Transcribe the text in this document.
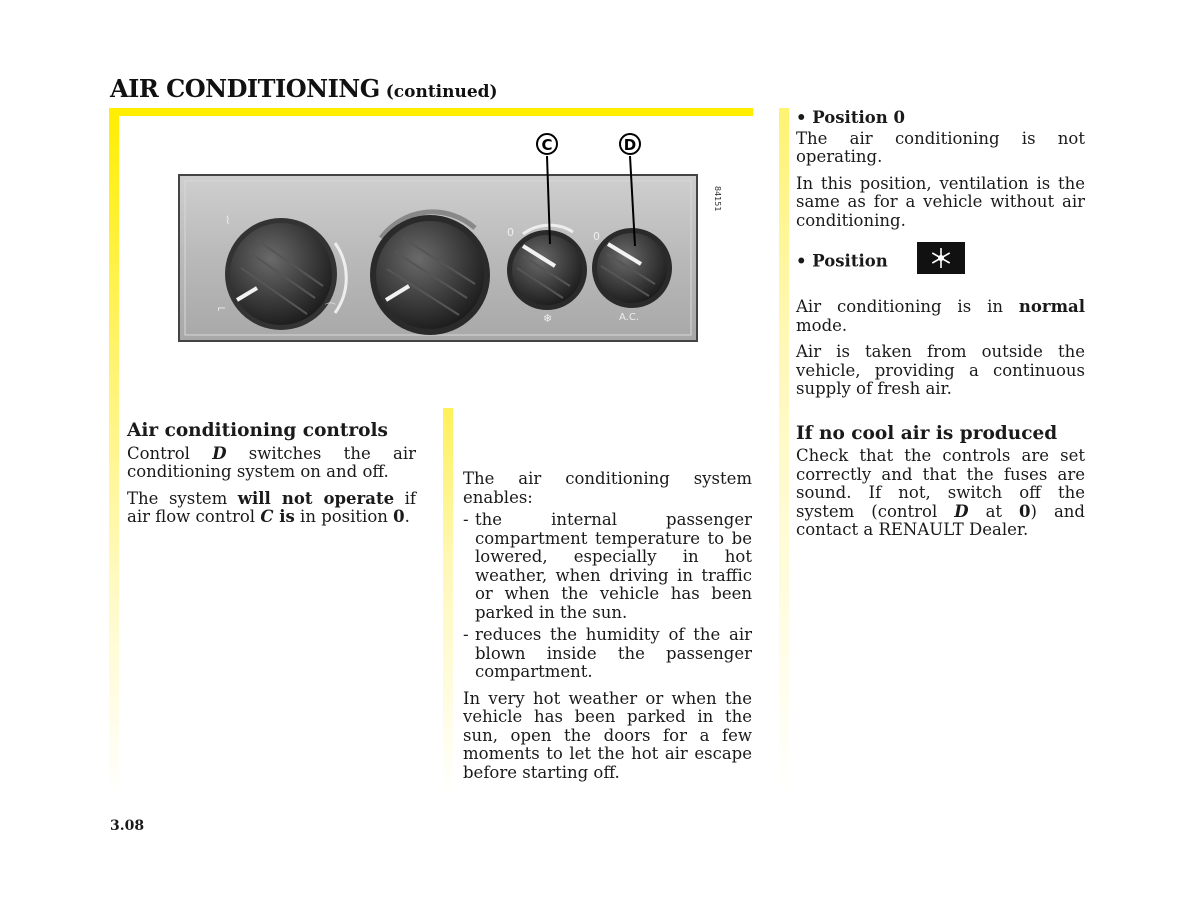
AIR CONDITIONING (continued)
0	0
A.C.
❄
⌇
⌐	⌒
84151
C	D
Air conditioning controls

Control D switches the air conditioning system on and off.

The system will not operate if air flow control C is in position 0.

The air conditioning system enables:

- the internal passenger compartment temperature to be lowered, especially in hot weather, when driving in traffic or when the vehicle has been parked in the sun.
- reduces the humidity of the air blown inside the passenger compartment.

In very hot weather or when the vehicle has been parked in the sun, open the doors for a few moments to let the hot air escape before starting off.

• Position 0

The air conditioning is not operating.

In this position, ventilation is the same as for a vehicle without air conditioning.

• Position

Air conditioning is in normal mode.

Air is taken from outside the vehicle, providing a continuous supply of fresh air.

If no cool air is produced

Check that the controls are set correctly and that the fuses are sound. If not, switch off the system (control D at 0) and contact a RENAULT Dealer.

3.08
